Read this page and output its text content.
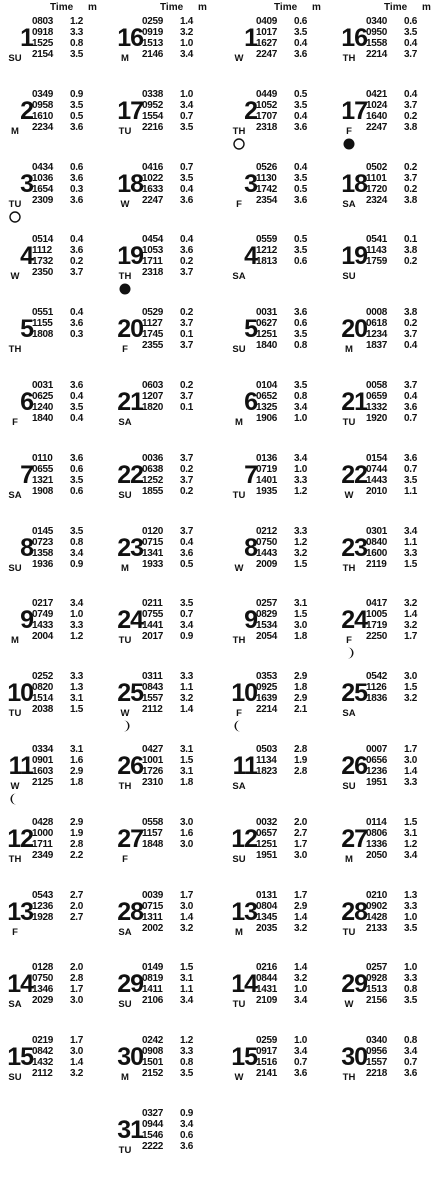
Time m	Time m	Time m	Time m
1
SU
0803	1.2
0918	3.3
1525	0.8
2154	3.5
2
M
0349	0.9
0958	3.5
1610	0.5
2234	3.6
3
TU
0434	0.6
1036	3.6
1654	0.3
2309	3.6
4
W
0514	0.4
1112	3.6
1732	0.2
2350	3.7
5
TH
0551	0.4
1155	3.6
1808	0.3
6
F
0031	3.6
0625	0.4
1240	3.5
1840	0.4
7
SA
0110	3.6
0655	0.6
1321	3.5
1908	0.6
8
SU
0145	3.5
0723	0.8
1358	3.4
1936	0.9
9
M
0217	3.4
0749	1.0
1433	3.3
2004	1.2
10
TU
0252	3.3
0820	1.3
1514	3.1
2038	1.5
11
W
0334	3.1
0901	1.6
1603	2.9
2125	1.8
12
TH
0428	2.9
1000	1.9
1711	2.8
2349	2.2
13
F
0543	2.7
1236	2.0
1928	2.7
14
SA
0128	2.0
0750	2.8
1346	1.7
2029	3.0
15
SU
0219	1.7
0842	3.0
1432	1.4
2112	3.2
16
M
0259	1.4
0919	3.2
1513	1.0
2146	3.4
17
TU
0338	1.0
0952	3.4
1554	0.7
2216	3.5
18
W
0416	0.7
1022	3.5
1633	0.4
2247	3.6
19
TH
0454	0.4
1053	3.6
1711	0.2
2318	3.7
20
F
0529	0.2
1127	3.7
1745	0.1
2355	3.7
21
SA
0603	0.2
1207	3.7
1820	0.1
22
SU
0036	3.7
0638	0.2
1252	3.7
1855	0.2
23
M
0120	3.7
0715	0.4
1341	3.6
1933	0.5
24
TU
0211	3.5
0755	0.7
1441	3.4
2017	0.9
25
W
0311	3.3
0843	1.1
1557	3.2
2112	1.4
26
TH
0427	3.1
1001	1.5
1726	3.1
2310	1.8
27
F
0558	3.0
1157	1.6
1848	3.0
28
SA
0039	1.7
0715	3.0
1311	1.4
2002	3.2
29
SU
0149	1.5
0819	3.1
1411	1.1
2106	3.4
30
M
0242	1.2
0908	3.3
1501	0.8
2152	3.5
31
TU
0327	0.9
0944	3.4
1546	0.6
2222	3.6
1
W
0409	0.6
1017	3.5
1627	0.4
2247	3.6
2
TH
0449	0.5
1052	3.5
1707	0.4
2318	3.6
3
F
0526	0.4
1130	3.5
1742	0.5
2354	3.6
4
SA
0559	0.5
1212	3.5
1813	0.6
5
SU
0031	3.6
0627	0.6
1251	3.5
1840	0.8
6
M
0104	3.5
0652	0.8
1325	3.4
1906	1.0
7
TU
0136	3.4
0719	1.0
1401	3.3
1935	1.2
8
W
0212	3.3
0750	1.2
1443	3.2
2009	1.5
9
TH
0257	3.1
0829	1.5
1534	3.0
2054	1.8
10
F
0353	2.9
0925	1.8
1639	2.9
2214	2.1
11
SA
0503	2.8
1134	1.9
1823	2.8
12
SU
0032	2.0
0657	2.7
1251	1.7
1951	3.0
13
M
0131	1.7
0804	2.9
1345	1.4
2035	3.2
14
TU
0216	1.4
0844	3.2
1431	1.0
2109	3.4
15
W
0259	1.0
0917	3.4
1516	0.7
2141	3.6
16
TH
0340	0.6
0950	3.5
1558	0.4
2214	3.7
17
F
0421	0.4
1024	3.7
1640	0.2
2247	3.8
18
SA
0502	0.2
1101	3.7
1720	0.2
2324	3.8
19
SU
0541	0.1
1143	3.8
1759	0.2
20
M
0008	3.8
0618	0.2
1234	3.7
1837	0.4
21
TU
0058	3.7
0659	0.4
1332	3.6
1920	0.7
22
W
0154	3.6
0744	0.7
1443	3.5
2010	1.1
23
TH
0301	3.4
0840	1.1
1600	3.3
2119	1.5
24
F
0417	3.2
1005	1.4
1719	3.2
2250	1.7
25
SA
0542	3.0
1126	1.5
1836	3.2
26
SU
0007	1.7
0656	3.0
1236	1.4
1951	3.3
27
M
0114	1.5
0806	3.1
1336	1.2
2050	3.4
28
TU
0210	1.3
0902	3.3
1428	1.0
2133	3.5
29
W
0257	1.0
0928	3.3
1513	0.8
2156	3.5
30
TH
0340	0.8
0956	3.4
1557	0.7
2218	3.6
